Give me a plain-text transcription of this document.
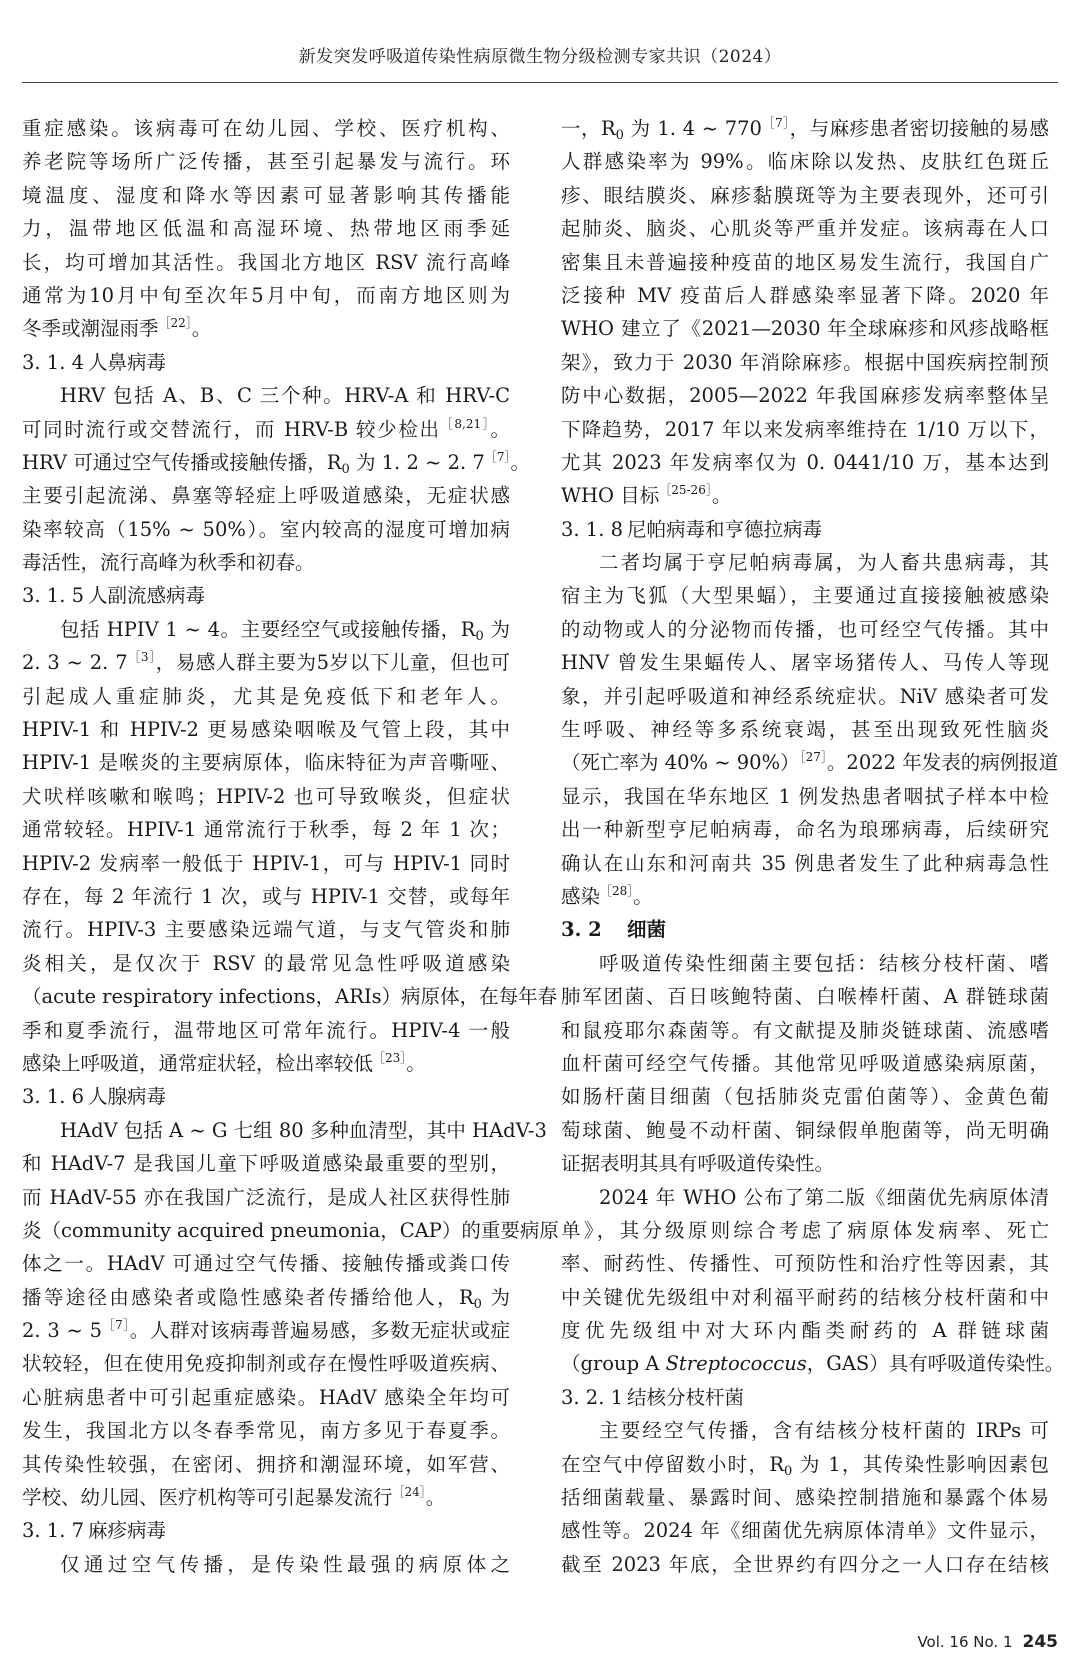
新发突发呼吸道传染性病原微生物分级检测专家共识（2024）
重症感染。该病毒可在幼儿园、学校、医疗机构、
养老院等场所广泛传播，甚至引起暴发与流行。环
境温度、湿度和降水等因素可显著影响其传播能
力，温带地区低温和高湿环境、热带地区雨季延
长，均可增加其活性。我国北方地区 RSV 流行高峰
通常为10月中旬至次年5月中旬，而南方地区则为
冬季或潮湿雨季$^{[22]}$。
3. 1. 4 人鼻病毒
HRV 包括 A、B、C 三个种。HRV-A 和 HRV-C
可同时流行或交替流行，而 HRV-B 较少检出$^{[8,21]}$。
HRV 可通过空气传播或接触传播，$R_0$ 为 1. 2 ~ 2. $7^{[7]}$。
主要引起流涕、鼻塞等轻症上呼吸道感染，无症状感
染率较高（15% ~ 50%）。室内较高的湿度可增加病
毒活性，流行高峰为秋季和初春。
3. 1. 5 人副流感病毒
包括 HPIV 1 ~ 4。主要经空气或接触传播，$R_0$ 为
2. 3 ~ 2. $7^{[3]}$，易感人群主要为5岁以下儿童，但也可
引起成人重症肺炎，尤其是免疫低下和老年人。
HPIV-1 和 HPIV-2 更易感染咽喉及气管上段，其中
HPIV-1 是喉炎的主要病原体，临床特征为声音嘶哑、
犬吠样咳嗽和喉鸣；HPIV-2 也可导致喉炎，但症状
通常较轻。HPIV-1 通常流行于秋季，每 2 年 1 次；
HPIV-2 发病率一般低于 HPIV-1，可与 HPIV-1 同时
存在，每 2 年流行 1 次，或与 HPIV-1 交替，或每年
流行。HPIV-3 主要感染远端气道，与支气管炎和肺
炎相关，是仅次于 RSV 的最常见急性呼吸道感染
（acute respiratory infections，ARIs）病原体，在每年春
季和夏季流行，温带地区可常年流行。HPIV-4 一般
感染上呼吸道，通常症状轻，检出率较低$^{[23]}$。
3. 1. 6 人腺病毒
HAdV 包括 A ~ G 七组 80 多种血清型，其中 HAdV-3
和 HAdV-7 是我国儿童下呼吸道感染最重要的型别，
而 HAdV-55 亦在我国广泛流行，是成人社区获得性肺
炎（community acquired pneumonia，CAP）的重要病原
体之一。HAdV 可通过空气传播、接触传播或粪口传
播等途径由感染者或隐性感染者传播给他人，$R_0$ 为
2. 3 ~ $5^{[7]}$。人群对该病毒普遍易感，多数无症状或症
状较轻，但在使用免疫抑制剂或存在慢性呼吸道疾病、
心脏病患者中可引起重症感染。HAdV 感染全年均可
发生，我国北方以冬春季常见，南方多见于春夏季。
其传染性较强，在密闭、拥挤和潮湿环境，如军营、
学校、幼儿园、医疗机构等可引起暴发流行$^{[24]}$。
3. 1. 7 麻疹病毒
仅通过空气传播，是传染性最强的病原体之
一，$R_0$ 为 1. 4 ~ $770^{[7]}$，与麻疹患者密切接触的易感
人群感染率为 99%。临床除以发热、皮肤红色斑丘
疹、眼结膜炎、麻疹黏膜斑等为主要表现外，还可引
起肺炎、脑炎、心肌炎等严重并发症。该病毒在人口
密集且未普遍接种疫苗的地区易发生流行，我国自广
泛接种 MV 疫苗后人群感染率显著下降。2020 年
WHO 建立了《2021—2030 年全球麻疹和风疹战略框
架》，致力于 2030 年消除麻疹。根据中国疾病控制预
防中心数据，2005—2022 年我国麻疹发病率整体呈
下降趋势，2017 年以来发病率维持在 1/10 万以下，
尤其 2023 年发病率仅为 0. 0441/10 万，基本达到
WHO 目标$^{[25-26]}$。
3. 1. 8 尼帕病毒和亨德拉病毒
二者均属于亨尼帕病毒属，为人畜共患病毒，其
宿主为飞狐（大型果蝠），主要通过直接接触被感染
的动物或人的分泌物而传播，也可经空气传播。其中
HNV 曾发生果蝠传人、屠宰场猪传人、马传人等现
象，并引起呼吸道和神经系统症状。NiV 感染者可发
生呼吸、神经等多系统衰竭，甚至出现致死性脑炎
（死亡率为 40% ~ 90%）$^{[27]}$。2022 年发表的病例报道
显示，我国在华东地区 1 例发热患者咽拭子样本中检
出一种新型亨尼帕病毒，命名为琅琊病毒，后续研究
确认在山东和河南共 35 例患者发生了此种病毒急性
感染$^{[28]}$。
3. 2 细菌
呼吸道传染性细菌主要包括：结核分枝杆菌、嗜
肺军团菌、百日咳鲍特菌、白喉棒杆菌、A 群链球菌
和鼠疫耶尔森菌等。有文献提及肺炎链球菌、流感嗜
血杆菌可经空气传播。其他常见呼吸道感染病原菌，
如肠杆菌目细菌（包括肺炎克雷伯菌等）、金黄色葡
萄球菌、鲍曼不动杆菌、铜绿假单胞菌等，尚无明确
证据表明其具有呼吸道传染性。
2024 年 WHO 公布了第二版《细菌优先病原体清
单》，其分级原则综合考虑了病原体发病率、死亡
率、耐药性、传播性、可预防性和治疗性等因素，其
中关键优先级组中对利福平耐药的结核分枝杆菌和中
度优先级组中对大环内酯类耐药的 A 群链球菌
（group A Streptococcus，GAS）具有呼吸道传染性。
3. 2. 1 结核分枝杆菌
主要经空气传播，含有结核分枝杆菌的 IRPs 可
在空气中停留数小时，$R_0$ 为 1，其传染性影响因素包
括细菌载量、暴露时间、感染控制措施和暴露个体易
感性等。2024 年《细菌优先病原体清单》文件显示，
截至 2023 年底，全世界约有四分之一人口存在结核
Vol. 16 No. 1 245
